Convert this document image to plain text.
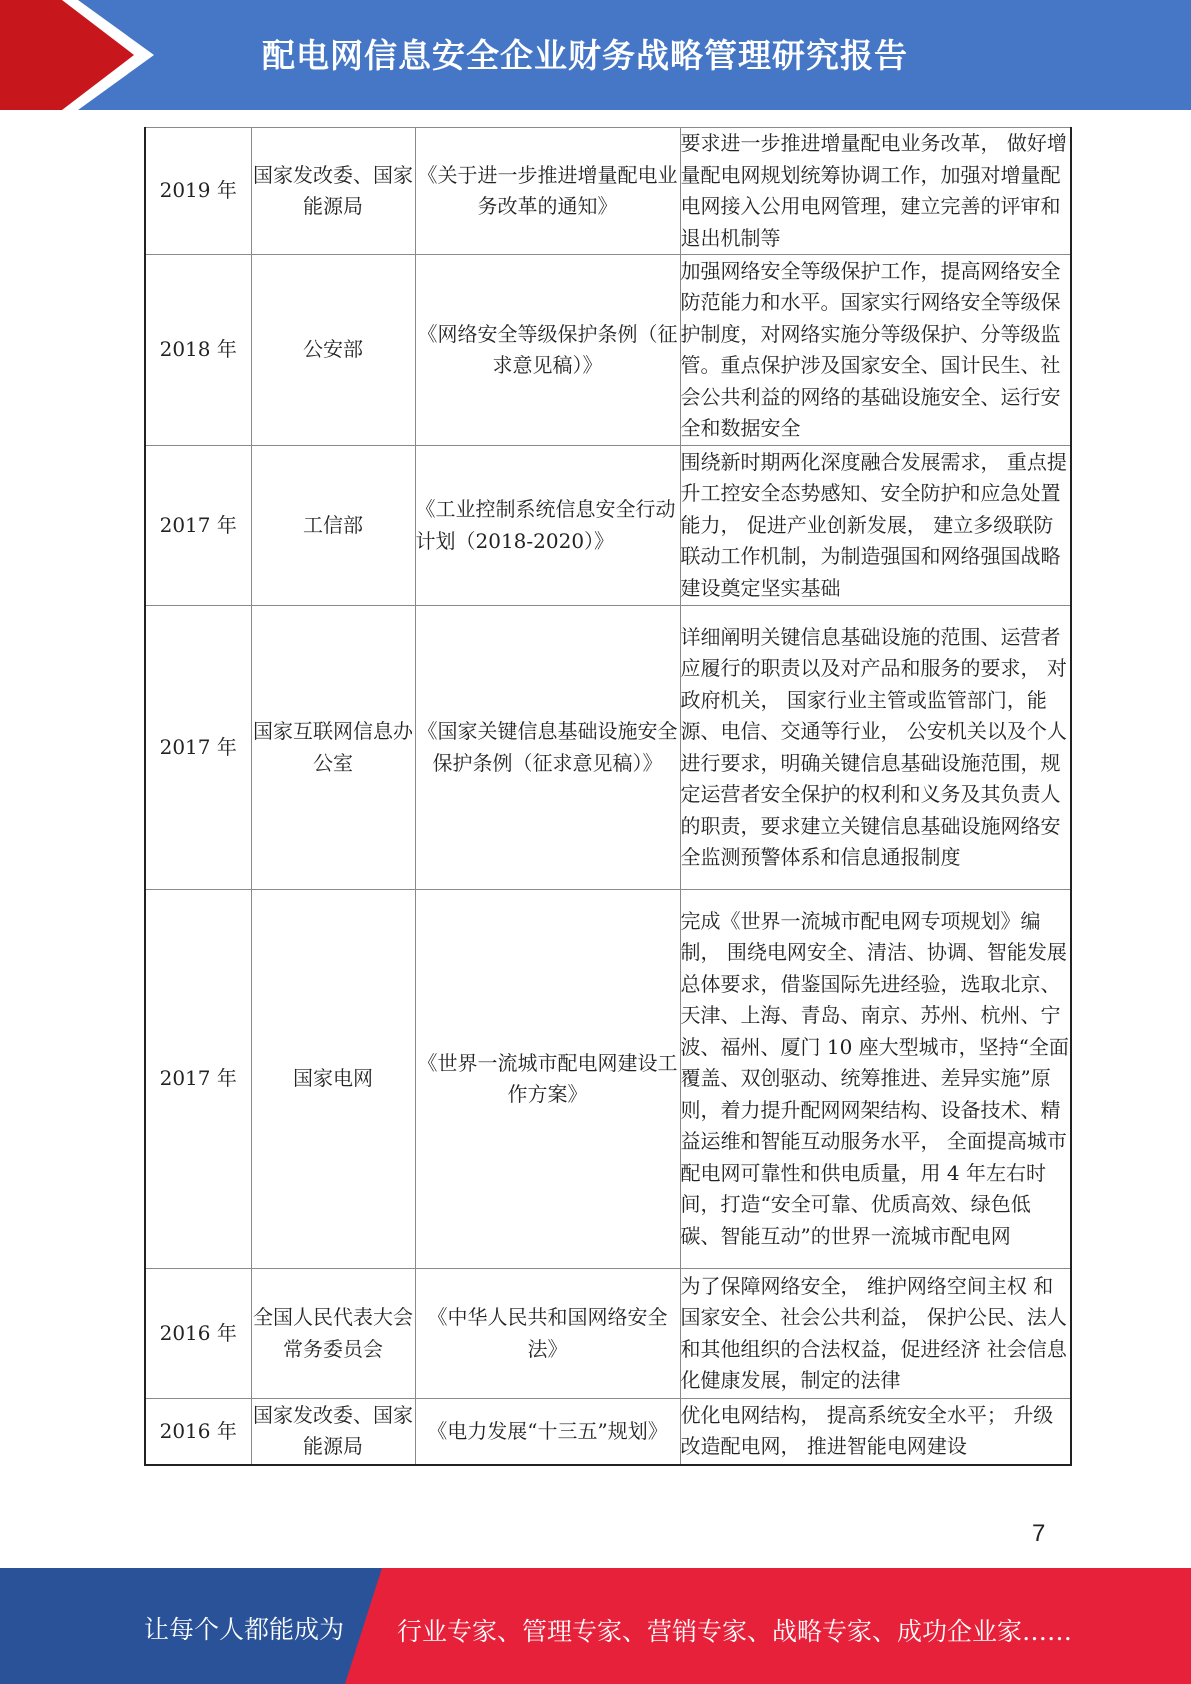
配电网信息安全企业财务战略管理研究报告
2019 年	国家发改委、国家能源局	《关于进一步推进增量配电业务改革的通知》	要求进一步推进增量配电业务改革， 做好增量配电网规划统筹协调工作，加强对增量配电网接入公用电网管理，建立完善的评审和退出机制等
2018 年	公安部	《网络安全等级保护条例（征求意见稿）》	加强网络安全等级保护工作，提高网络安全防范能力和水平。国家实行网络安全等级保护制度，对网络实施分等级保护、分等级监管。重点保护涉及国家安全、国计民生、社会公共利益的网络的基础设施安全、运行安全和数据安全
2017 年	工信部	《工业控制系统信息安全行动计划（2018-2020）》	围绕新时期两化深度融合发展需求， 重点提升工控安全态势感知、安全防护和应急处置能力， 促进产业创新发展， 建立多级联防联动工作机制，为制造强国和网络强国战略建设奠定坚实基础
2017 年	国家互联网信息办公室	《国家关键信息基础设施安全保护条例（征求意见稿）》	详细阐明关键信息基础设施的范围、运营者应履行的职责以及对产品和服务的要求， 对政府机关， 国家行业主管或监管部门，能源、电信、交通等行业， 公安机关以及个人进行要求，明确关键信息基础设施范围，规定运营者安全保护的权利和义务及其负责人的职责，要求建立关键信息基础设施网络安全监测预警体系和信息通报制度
2017 年	国家电网	《世界一流城市配电网建设工作方案》	完成《世界一流城市配电网专项规划》编制， 围绕电网安全、清洁、协调、智能发展总体要求，借鉴国际先进经验，选取北京、天津、上海、青岛、南京、苏州、杭州、宁波、福州、厦门 10 座大型城市，坚持“全面覆盖、双创驱动、统筹推进、差异实施”原则，着力提升配网网架结构、设备技术、精益运维和智能互动服务水平， 全面提高城市配电网可靠性和供电质量，用 4 年左右时间，打造“安全可靠、优质高效、绿色低碳、智能互动”的世界一流城市配电网
2016 年	全国人民代表大会常务委员会	《中华人民共和国网络安全法》	为了保障网络安全， 维护网络空间主权 和国家安全、社会公共利益， 保护公民、法人和其他组织的合法权益，促进经济 社会信息化健康发展，制定的法律
2016 年	国家发改委、国家能源局	《电力发展“十三五”规划》	优化电网结构， 提高系统安全水平； 升级改造配电网， 推进智能电网建设
7
让每个人都能成为 行业专家、管理专家、营销专家、战略专家、成功企业家……
